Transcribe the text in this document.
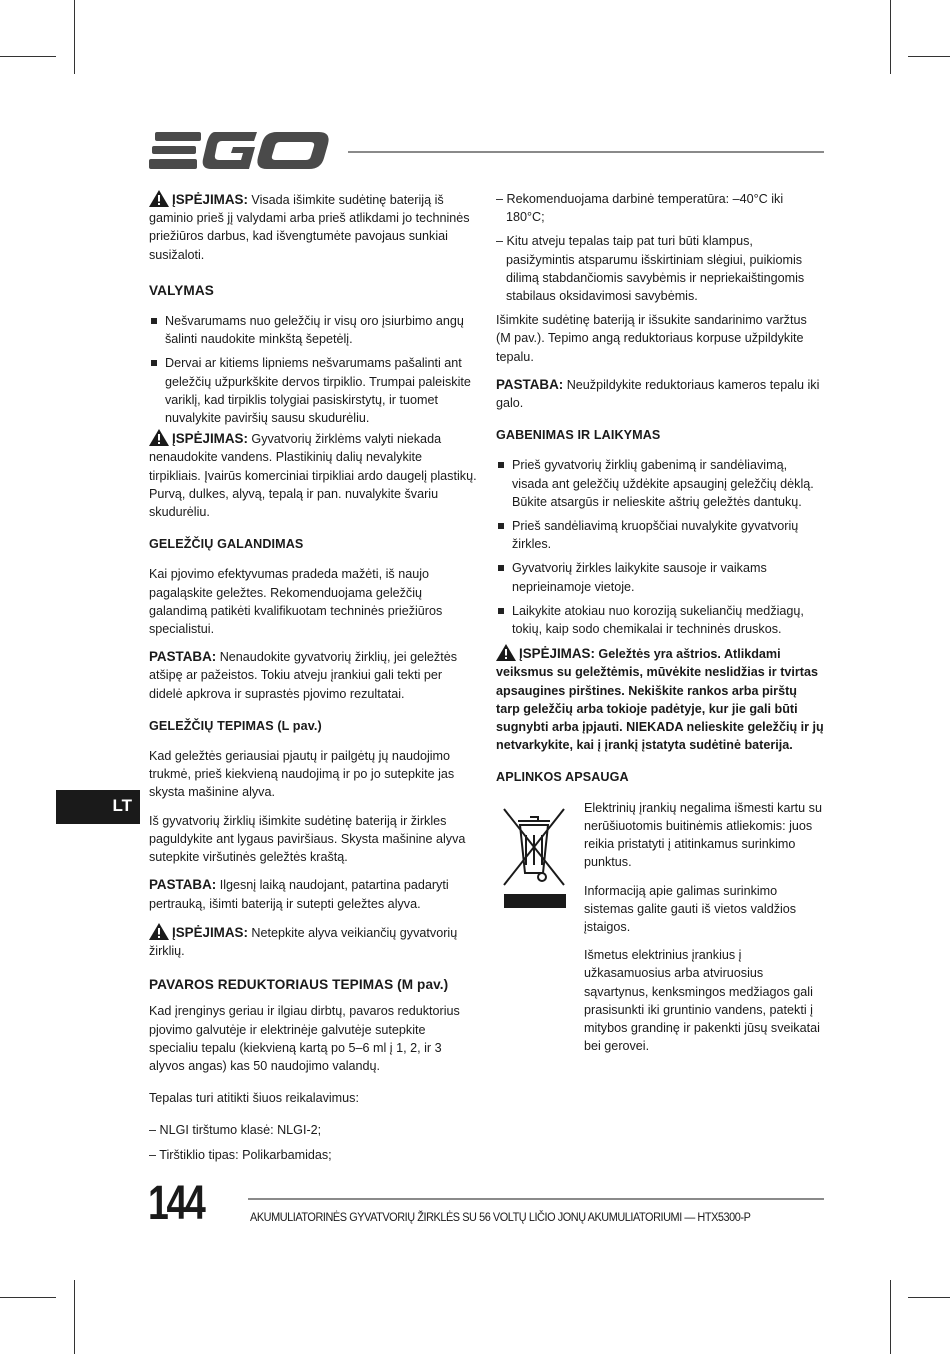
ĮSPĖJIMAS: Visada išimkite sudėtinę bateriją iš gaminio prieš jį valydami arba prieš atlikdami jo techninės priežiūros darbus, kad išvengtumėte pavojaus sunkiai susižaloti.

VALYMAS
Nešvarumams nuo geležčių ir visų oro įsiurbimo angų šalinti naudokite minkštą šepetėlį.
Dervai ar kitiems lipniems nešvarumams pašalinti ant geležčių užpurkškite dervos tirpiklio. Trumpai paleiskite variklį, kad tirpiklis tolygiai pasiskirstytų, ir tuomet nuvalykite paviršių sausu skudurėliu.

ĮSPĖJIMAS: Gyvatvorių žirklėms valyti niekada nenaudokite vandens. Plastikinių dalių nevalykite tirpikliais. Įvairūs komerciniai tirpikliai ardo daugelį plastikų. Purvą, dulkes, alyvą, tepalą ir pan. nuvalykite švariu skudurėliu.

GELEŽČIŲ GALANDIMAS

Kai pjovimo efektyvumas pradeda mažėti, iš naujo pagaląskite geležtes. Rekomenduojama geležčių galandimą patikėti kvalifikuotam techninės priežiūros specialistui.

PASTABA: Nenaudokite gyvatvorių žirklių, jei geležtės atšipę ar pažeistos. Tokiu atveju įrankiui gali tekti per didelė apkrova ir suprastės pjovimo rezultatai.

GELEŽČIŲ TEPIMAS (L pav.)

Kad geležtės geriausiai pjautų ir pailgėtų jų naudojimo trukmė, prieš kiekvieną naudojimą ir po jo sutepkite jas skysta mašinine alyva.

Iš gyvatvorių žirklių išimkite sudėtinę bateriją ir žirkles paguldykite ant lygaus paviršiaus. Skysta mašinine alyva sutepkite viršutinės geležtės kraštą.

PASTABA: Ilgesnį laiką naudojant, patartina padaryti pertrauką, išimti bateriją ir sutepti geležtes alyva.

ĮSPĖJIMAS: Netepkite alyva veikiančių gyvatvorių žirklių.

PAVAROS REDUKTORIAUS TEPIMAS (M pav.)

Kad įrenginys geriau ir ilgiau dirbtų, pavaros reduktorius pjovimo galvutėje ir elektrinėje galvutėje sutepkite specialiu tepalu (kiekvieną kartą po 5–6 ml į 1, 2, ir 3 alyvos angas) kas 50 naudojimo valandų.

Tepalas turi atitikti šiuos reikalavimus:

– NLGI tirštumo klasė: NLGI-2;
– Tirštiklio tipas: Polikarbamidas;
– Rekomenduojama darbinė temperatūra: –40°C iki 180°C;
– Kitu atveju tepalas taip pat turi būti klampus, pasižymintis atsparumu išskirtiniam slėgiui, puikiomis dilimą stabdančiomis savybėmis ir nepriekaištingomis stabilaus oksidavimosi savybėmis.

Išimkite sudėtinę bateriją ir išsukite sandarinimo varžtus (M pav.). Tepimo angą reduktoriaus korpuse užpildykite tepalu.

PASTABA: Neužpildykite reduktoriaus kameros tepalu iki galo.

GABENIMAS IR LAIKYMAS
Prieš gyvatvorių žirklių gabenimą ir sandėliavimą, visada ant geležčių uždėkite apsauginį geležčių dėklą. Būkite atsargūs ir nelieskite aštrių geležtės dantukų.
Prieš sandėliavimą kruopščiai nuvalykite gyvatvorių žirkles.
Gyvatvorių žirkles laikykite sausoje ir vaikams neprieinamoje vietoje.
Laikykite atokiau nuo koroziją sukeliančių medžiagų, tokių, kaip sodo chemikalai ir techninės druskos.

ĮSPĖJIMAS: Geležtės yra aštrios. Atlikdami veiksmus su geležtėmis, mūvėkite neslidžias ir tvirtas apsaugines pirštines. Nekiškite rankos arba pirštų tarp geležčių arba tokioje padėtyje, kur jie gali būti sugnybti arba įpjauti. NIEKADA nelieskite geležčių ir jų netvarkykite, kai į įrankį įstatyta sudėtinė baterija.

APLINKOS APSAUGA

Elektrinių įrankių negalima išmesti kartu su nerūšiuotomis buitinėmis atliekomis: juos reikia pristatyti į atitinkamus surinkimo punktus.

Informaciją apie galimas surinkimo sistemas galite gauti iš vietos valdžios įstaigos.

Išmetus elektrinius įrankius į užkasamuosius arba atviruosius sąvartynus, kenksmingos medžiagos gali prasisunkti iki gruntinio vandens, patekti į mitybos grandinę ir pakenkti jūsų sveikatai bei gerovei.

LT
144	AKUMULIATORINĖS GYVATVORIŲ ŽIRKLĖS SU 56 VOLTŲ LIČIO JONŲ AKUMULIATORIUMI — HTX5300-P
